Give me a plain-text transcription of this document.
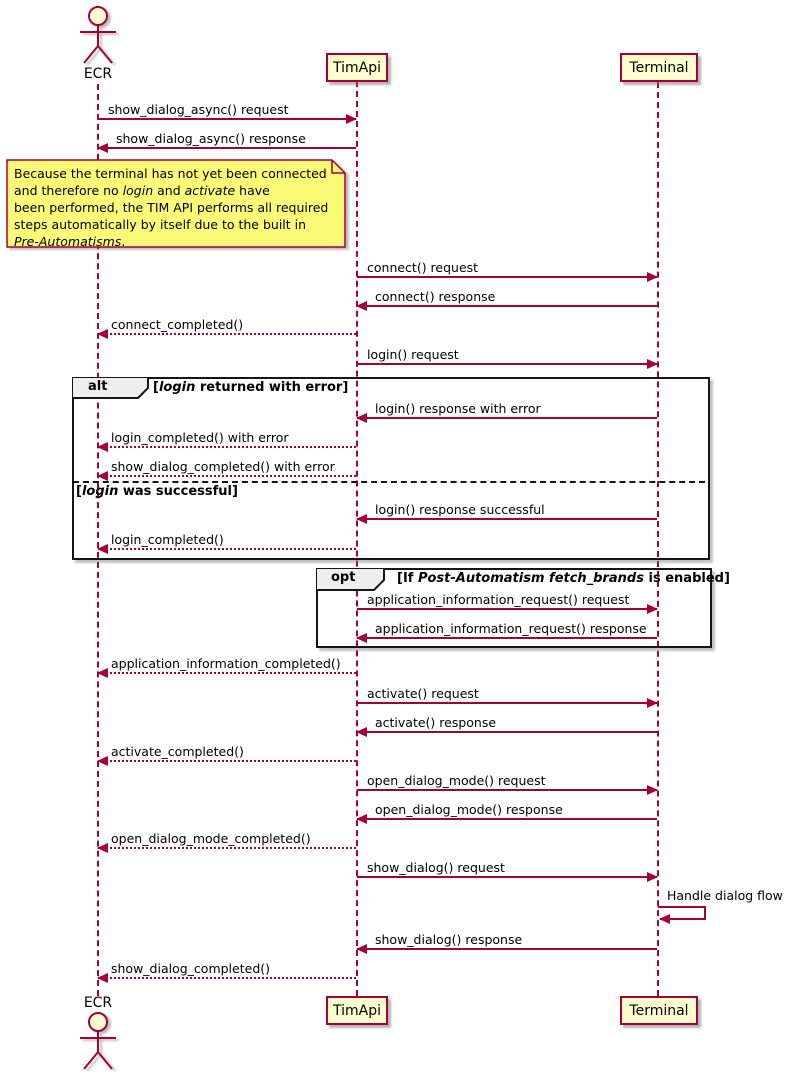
show_dialog_async() request
show_dialog_async() response
connect() request
connect() response
connect_completed()
login() request
login() response with error
login_completed() with error
show_dialog_completed() with error
login() response successful
login_completed()
application_information_request() request
application_information_request() response
application_information_completed()
activate() request
activate() response
activate_completed()
open_dialog_mode() request
open_dialog_mode() response
open_dialog_mode_completed()
show_dialog() request
Handle dialog flow
show_dialog() response
show_dialog_completed()
Because the terminal has not yet been connected
and therefore no login and activate have
been performed, the TIM API performs all required
steps automatically by itself due to the built in
Pre-Automatisms.
alt	[login returned with error]
[login was successful]
opt	[If Post-Automatism fetch_brands is enabled]
ECR	TimApi	Terminal
ECR	TimApi	Terminal
